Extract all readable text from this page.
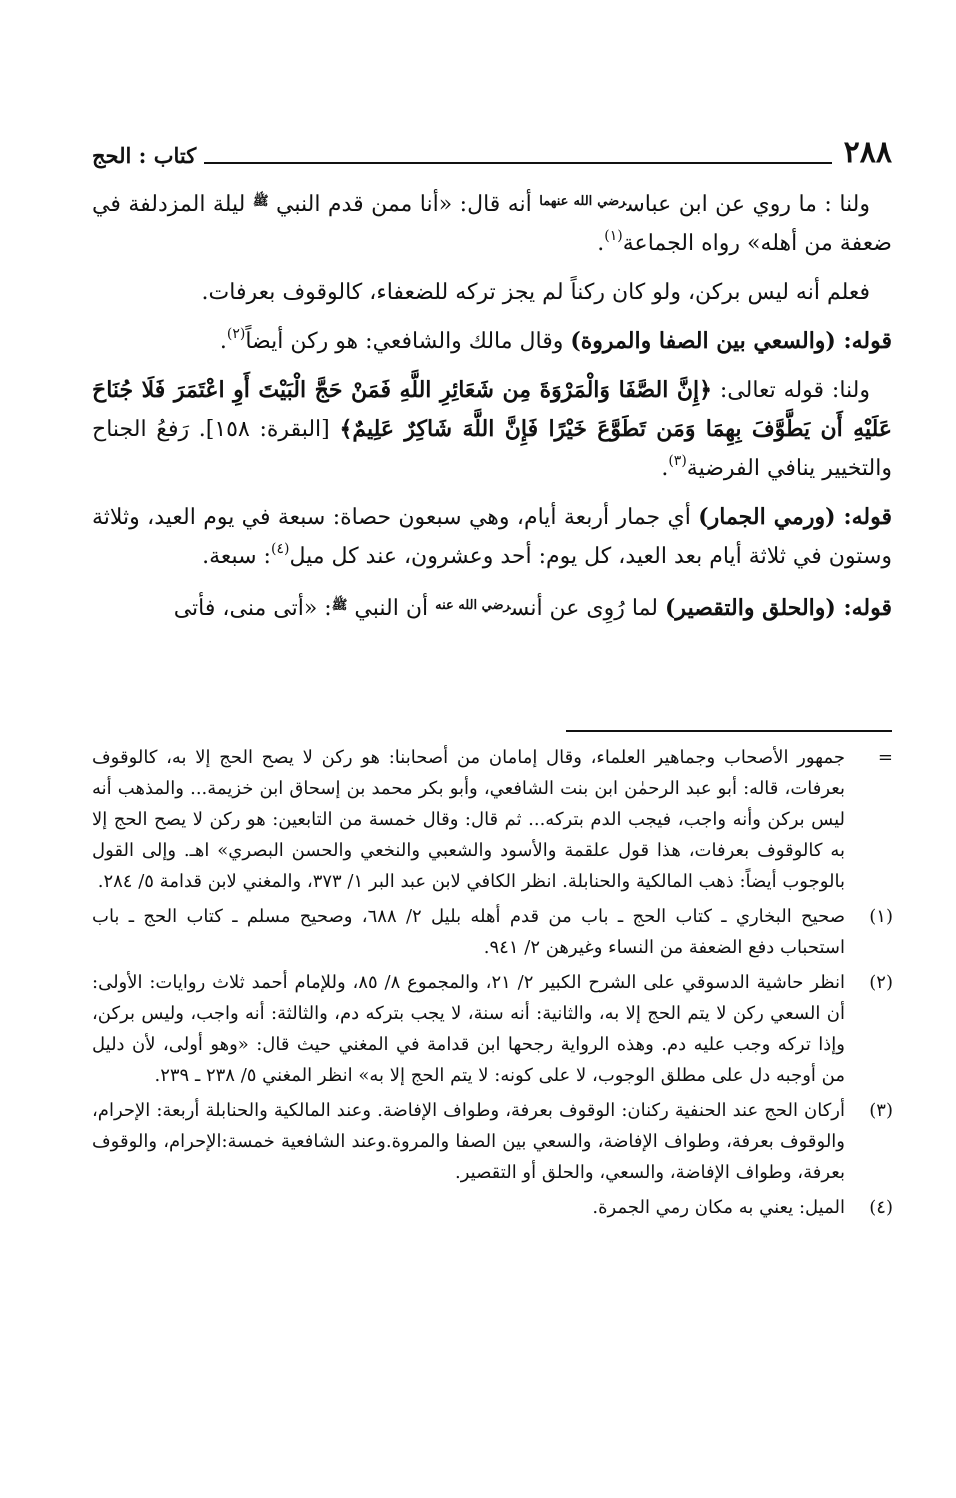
٢٨٨
كتاب : الحج

ولنا : ما روي عن ابن عباس$^{رضي الله عنهما}$ أنه قال: «أنا ممن قدم النبي $^ﷺ$ ليلة المزدلفة في ضعفة من أهله» رواه الجماعة$^{(١)}$.

فعلم أنه ليس بركن، ولو كان ركناً لم يجز تركه للضعفاء، كالوقوف بعرفات.

قوله: (والسعي بين الصفا والمروة) وقال مالك والشافعي: هو ركن أيضاً$^{(٢)}$.

ولنا: قوله تعالى: ﴿إِنَّ الصَّفَا وَالْمَرْوَةَ مِن شَعَائِرِ اللَّهِ فَمَنْ حَجَّ الْبَيْتَ أَوِ اعْتَمَرَ فَلَا جُنَاحَ عَلَيْهِ أَن يَطَّوَّفَ بِهِمَا وَمَن تَطَوَّعَ خَيْرًا فَإِنَّ اللَّهَ شَاكِرٌ عَلِيمٌ﴾ [البقرة: ١٥٨]. رَفعُ الجناح والتخيير ينافي الفرضية$^{(٣)}$.

قوله: (ورمي الجمار) أي جمار أربعة أيام، وهي سبعون حصاة: سبعة في يوم العيد، وثلاثة وستون في ثلاثة أيام بعد العيد، كل يوم: أحد وعشرون، عند كل ميل$^{(٤)}$: سبعة.

قوله: (والحلق والتقصير) لما رُوِى عن أنس$^{رضي الله عنه}$ أن النبي $^ﷺ$: «أتى منى، فأتى

=
جمهور الأصحاب وجماهير العلماء، وقال إمامان من أصحابنا: هو ركن لا يصح الحج إلا به، كالوقوف بعرفات، قاله: أبو عبد الرحمٰن ابن بنت الشافعي، وأبو بكر محمد بن إسحاق ابن خزيمة... والمذهب أنه ليس بركن وأنه واجب، فيجب الدم بتركه... ثم قال: وقال خمسة من التابعين: هو ركن لا يصح الحج إلا به كالوقوف بعرفات، هذا قول علقمة والأسود والشعبي والنخعي والحسن البصري» اهـ. وإلى القول بالوجوب أيضاً: ذهب المالكية والحنابلة. انظر الكافي لابن عبد البر ١/ ٣٧٣، والمغني لابن قدامة ٥/ ٢٨٤.
(١)
صحيح البخاري ـ كتاب الحج ـ باب من قدم أهله بليل ٢/ ٦٨٨، وصحيح مسلم ـ كتاب الحج ـ باب استحباب دفع الضعفة من النساء وغيرهن ٢/ ٩٤١.
(٢)
انظر حاشية الدسوقي على الشرح الكبير ٢/ ٢١، والمجموع ٨/ ٨٥، وللإمام أحمد ثلاث روايات: الأولى: أن السعي ركن لا يتم الحج إلا به، والثانية: أنه سنة، لا يجب بتركه دم، والثالثة: أنه واجب، وليس بركن، وإذا تركه وجب عليه دم. وهذه الرواية رجحها ابن قدامة في المغني حيث قال: «وهو أولى، لأن دليل من أوجبه دل على مطلق الوجوب، لا على كونه: لا يتم الحج إلا به» انظر المغني ٥/ ٢٣٨ ـ ٢٣٩.
(٣)
أركان الحج عند الحنفية ركنان: الوقوف بعرفة، وطواف الإفاضة. وعند المالكية والحنابلة أربعة: الإحرام، والوقوف بعرفة، وطواف الإفاضة، والسعي بين الصفا والمروة.وعند الشافعية خمسة:الإحرام، والوقوف بعرفة، وطواف الإفاضة، والسعي، والحلق أو التقصير.
(٤)
الميل: يعني به مكان رمي الجمرة.
